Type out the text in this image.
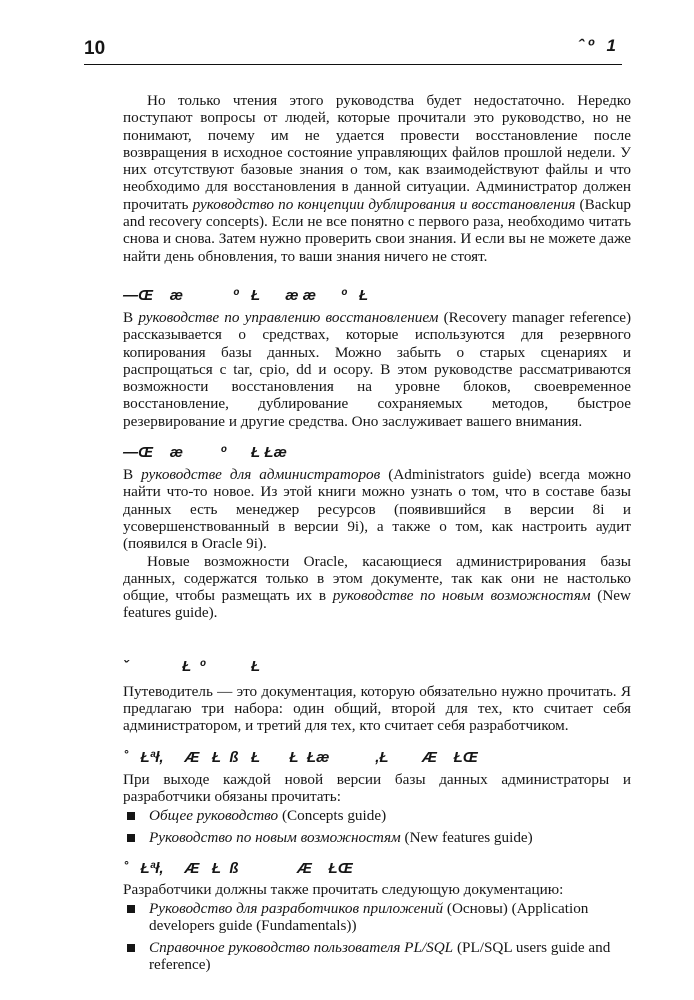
10	ˆº 1

Но только чтения этого руководства будет недостаточно. Нередко поступают вопросы от людей, которые прочитали это руководство, но не понимают, почему им не удается провести восстановление после возвращения в исходное состояние управляющих файлов прошлой недели. У них отсутствуют базовые знания о том, как взаимодействуют файлы и что необходимо для восстановления в данной ситуации. Администратор должен прочитать руководство по концепции дублирования и восстановления (Backup and recovery concepts). Если не все понятно с первого раза, необходимо читать снова и снова. Затем нужно проверить свои знания. И если вы не можете даже найти день обновления, то ваши знания ничего не стоят.

—Œ    æ            º   Ł      æ æ      º   Ł

В руководстве по управлению восстановлением (Recovery manager reference) рассказывается о средствах, которые используются для резервного копирования базы данных. Можно забыть о старых сценариях и распрощаться с tar, cpio, dd и ocopy. В этом руководстве рассматриваются возможности восстановления на уровне блоков, своевременное восстановление, дублирование сохраняемых методов, быстрое резервирование и другие средства. Оно заслуживает вашего внимания.

—Œ    æ         º      Ł Łæ

В руководстве для администраторов (Administrators guide) всегда можно найти что-то новое. Из этой книги можно узнать о том, что в составе базы данных есть менеджер ресурсов (появившийся в версии 8i и усовершенствованный в версии 9i), а также о том, как настроить аудит (появился в Oracle 9i).

Новые возможности Oracle, касающиеся администрирования базы данных, содержатся только в этом документе, так как они не настолько общие, чтобы размещать их в руководстве по новым возможностям (New features guide).

ˇ             Ł  º           Ł

Путеводитель — это документация, которую обязательно нужно прочитать. Я предлагаю три набора: один общий, второй для тех, кто считает себя администратором, и третий для тех, кто считает себя разработчиком.

˚   Łªł,     Æ   Ł  ß   Ł       Ł  Łæ           ,Ł        Æ    ŁŒ

При выходе каждой новой версии базы данных администраторы и разработчики обязаны прочитать:

Общее руководство (Concepts guide)
Руководство по новым возможностям (New features guide)
˚   Łªł,     Æ   Ł  ß              Æ    ŁŒ

Разработчики должны также прочитать следующую документацию:

Руководство для разработчиков приложений (Основы) (Application developers guide (Fundamentals))
Справочное руководство пользователя PL/SQL (PL/SQL users guide and reference)
